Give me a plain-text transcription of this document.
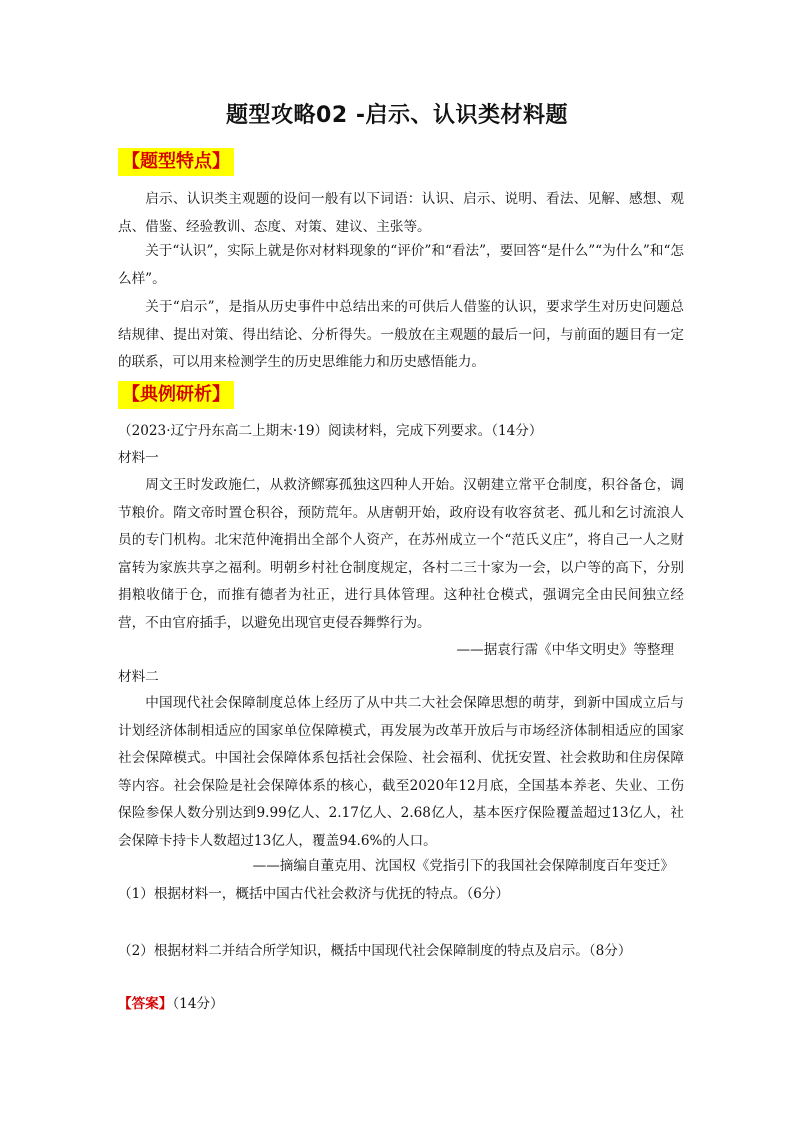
题型攻略02 -启示、认识类材料题
【题型特点】
启示、认识类主观题的设问一般有以下词语：认识、启示、说明、看法、见解、感想、观点、借鉴、经验教训、态度、对策、建议、主张等。
关于“认识”，实际上就是你对材料现象的“评价”和“看法”，要回答“是什么”“为什么”和“怎么样”。
关于“启示”，是指从历史事件中总结出来的可供后人借鉴的认识，要求学生对历史问题总结规律、提出对策、得出结论、分析得失。一般放在主观题的最后一问，与前面的题目有一定的联系，可以用来检测学生的历史思维能力和历史感悟能力。
【典例研析】
（2023·辽宁丹东高二上期末·19）阅读材料，完成下列要求。（14分）
材料一
周文王时发政施仁，从救济鳏寡孤独这四种人开始。汉朝建立常平仓制度，积谷备仓，调节粮价。隋文帝时置仓积谷，预防荒年。从唐朝开始，政府设有收容贫老、孤儿和乞讨流浪人员的专门机构。北宋范仲淹捐出全部个人资产，在苏州成立一个“范氏义庄”，将自己一人之财富转为家族共享之福利。明朝乡村社仓制度规定，各村二三十家为一会，以户等的高下，分别捐粮收储于仓，而推有德者为社正，进行具体管理。这种社仓模式，强调完全由民间独立经营，不由官府插手，以避免出现官吏侵吞舞弊行为。
——据袁行霈《中华文明史》等整理
材料二
中国现代社会保障制度总体上经历了从中共二大社会保障思想的萌芽，到新中国成立后与计划经济体制相适应的国家单位保障模式，再发展为改革开放后与市场经济体制相适应的国家社会保障模式。中国社会保障体系包括社会保险、社会福利、优抚安置、社会救助和住房保障等内容。社会保险是社会保障体系的核心，截至2020年12月底，全国基本养老、失业、工伤保险参保人数分别达到9.99亿人、2.17亿人、2.68亿人，基本医疗保险覆盖超过13亿人，社会保障卡持卡人数超过13亿人，覆盖94.6%的人口。
——摘编自董克用、沈国权《党指引下的我国社会保障制度百年变迁》
（1）根据材料一，概括中国古代社会救济与优抚的特点。（6分）
（2）根据材料二并结合所学知识，概括中国现代社会保障制度的特点及启示。（8分）
【答案】（14分）
